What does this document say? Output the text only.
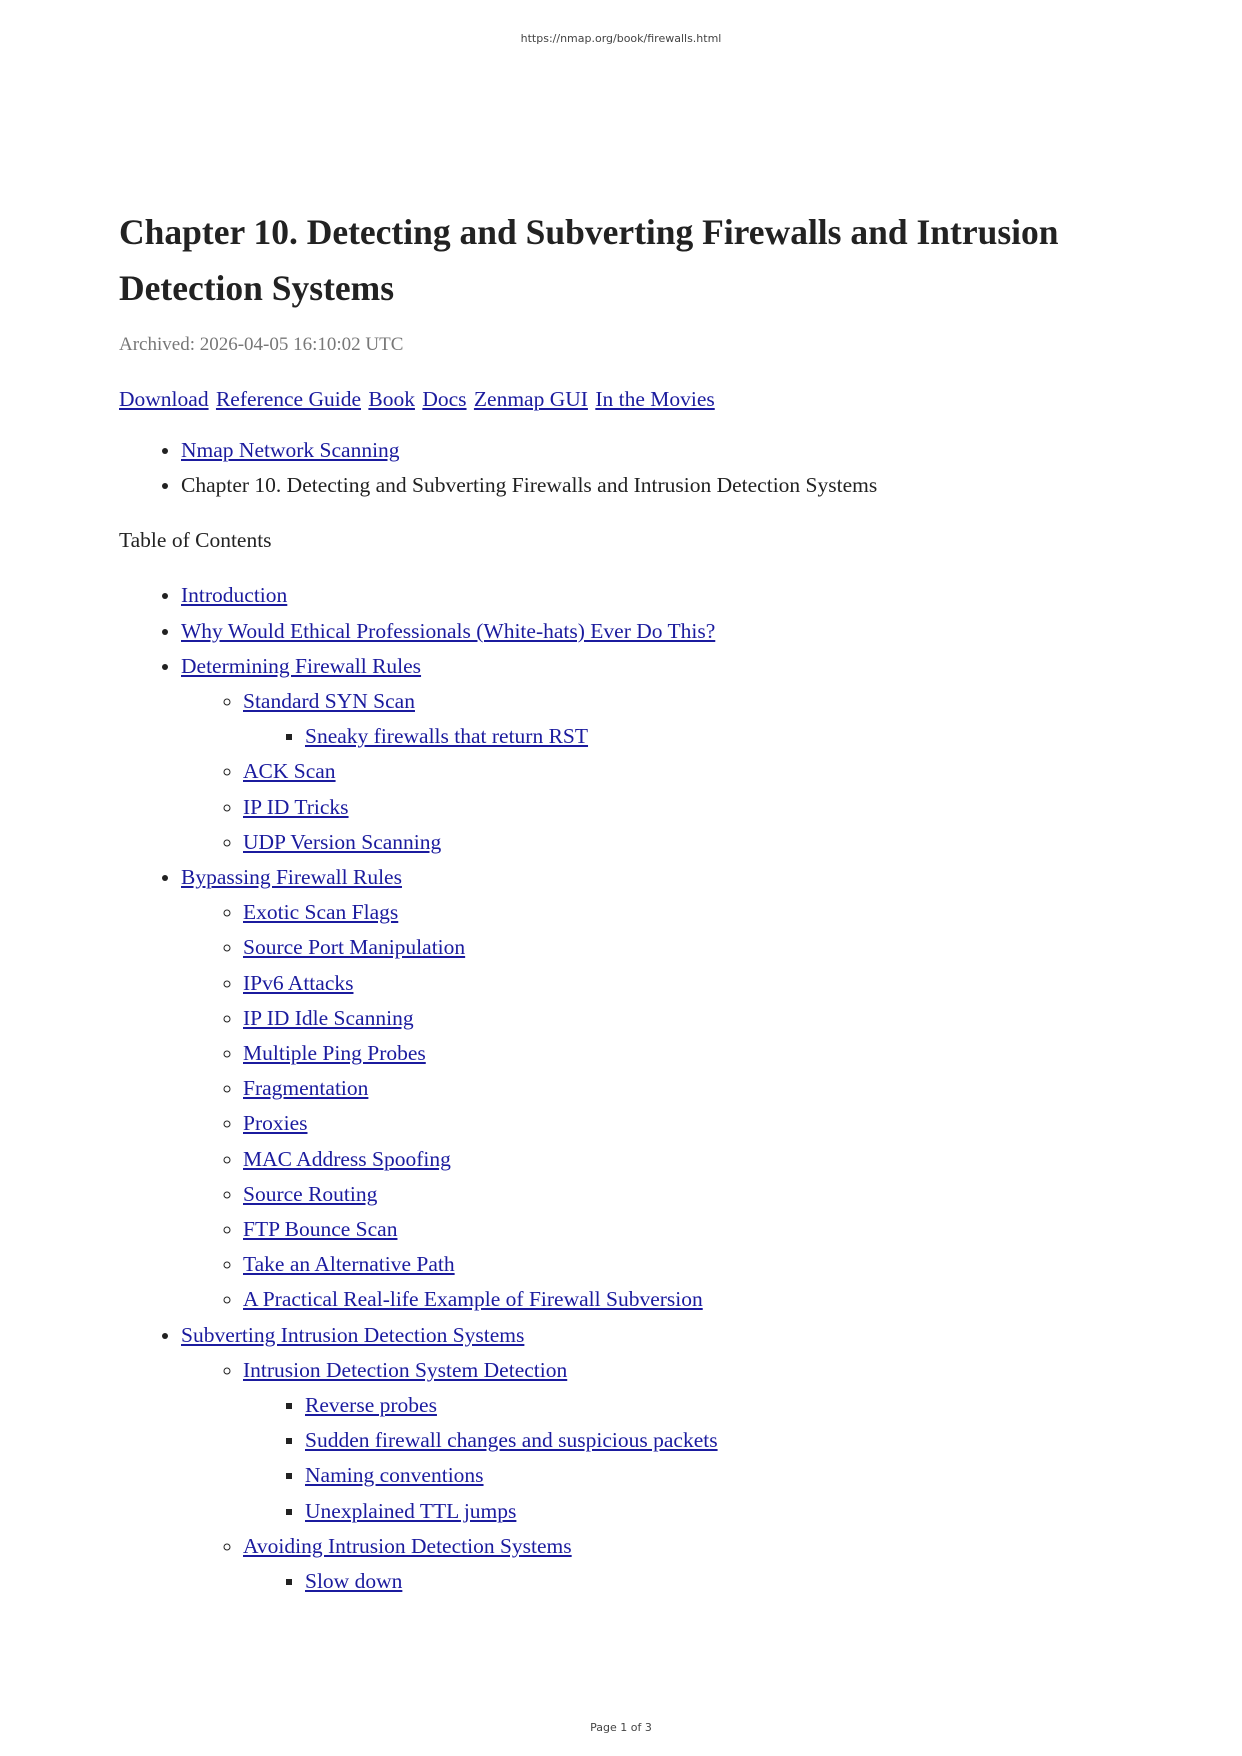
https://nmap.org/book/firewalls.html
Chapter 10. Detecting and Subverting Firewalls and Intrusion Detection Systems
Archived: 2026-04-05 16:10:02 UTC
Download Reference Guide Book Docs Zenmap GUI In the Movies
• Nmap Network Scanning
• Chapter 10. Detecting and Subverting Firewalls and Intrusion Detection Systems
Table of Contents
• Introduction
• Why Would Ethical Professionals (White-hats) Ever Do This?
• Determining Firewall Rules
◦ Standard SYN Scan
▪ Sneaky firewalls that return RST
◦ ACK Scan
◦ IP ID Tricks
◦ UDP Version Scanning
• Bypassing Firewall Rules
◦ Exotic Scan Flags
◦ Source Port Manipulation
◦ IPv6 Attacks
◦ IP ID Idle Scanning
◦ Multiple Ping Probes
◦ Fragmentation
◦ Proxies
◦ MAC Address Spoofing
◦ Source Routing
◦ FTP Bounce Scan
◦ Take an Alternative Path
◦ A Practical Real-life Example of Firewall Subversion
• Subverting Intrusion Detection Systems
◦ Intrusion Detection System Detection
▪ Reverse probes
▪ Sudden firewall changes and suspicious packets
▪ Naming conventions
▪ Unexplained TTL jumps
◦ Avoiding Intrusion Detection Systems
▪ Slow down
Page 1 of 3
